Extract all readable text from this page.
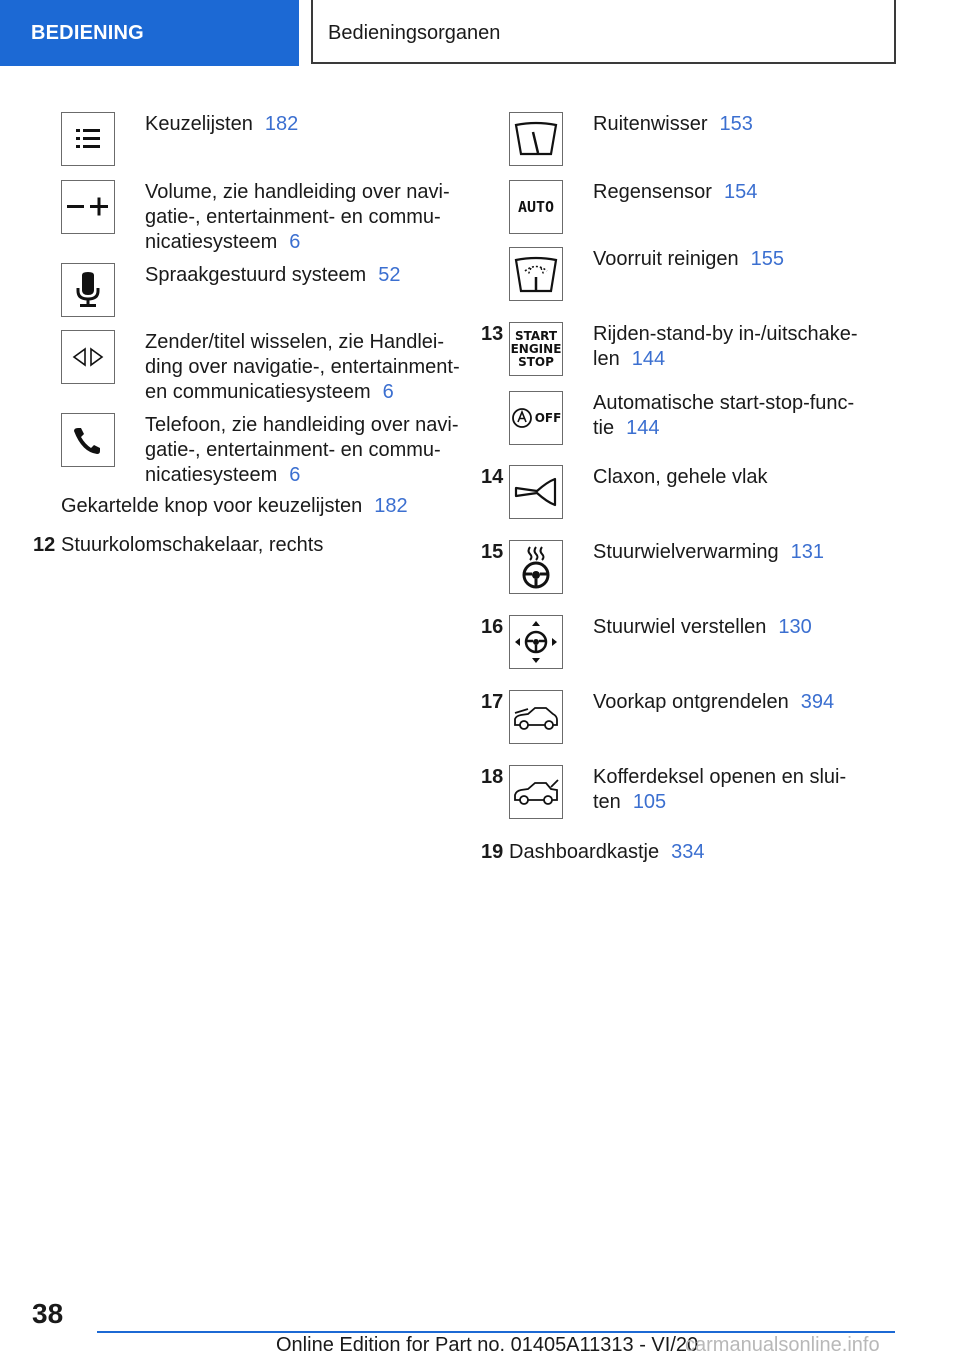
BEDIENING	Bedieningsorganen
Keuzelijsten 182
Volume, zie handleiding over navi-
gatie-, entertainment- en commu-
nicatiesysteem 6
Spraakgestuurd systeem 52
Zender/titel wisselen, zie Handlei-
ding over navigatie-, entertainment-
en communicatiesysteem 6
Telefoon, zie handleiding over navi-
gatie-, entertainment- en commu-
nicatiesysteem 6
Gekartelde knop voor keuzelijsten 182
12 Stuurkolomschakelaar, rechts
Ruitenwisser 153
AUTO
Regensensor 154
Voorruit reinigen 155
13 START
ENGINE
STOP
Rijden-stand-by in-/uitschake-
len 144
OFF
Automatische start-stop-func-
tie 144
14	Claxon, gehele vlak
15	Stuurwielverwarming 131
16	Stuurwiel verstellen 130
17	Voorkap ontgrendelen 394
18	Kofferdeksel openen en slui-
ten 105
19 Dashboardkastje 334
38
Online Edition for Part no. 01405A11313 - VI/20
carmanualsonline.info
